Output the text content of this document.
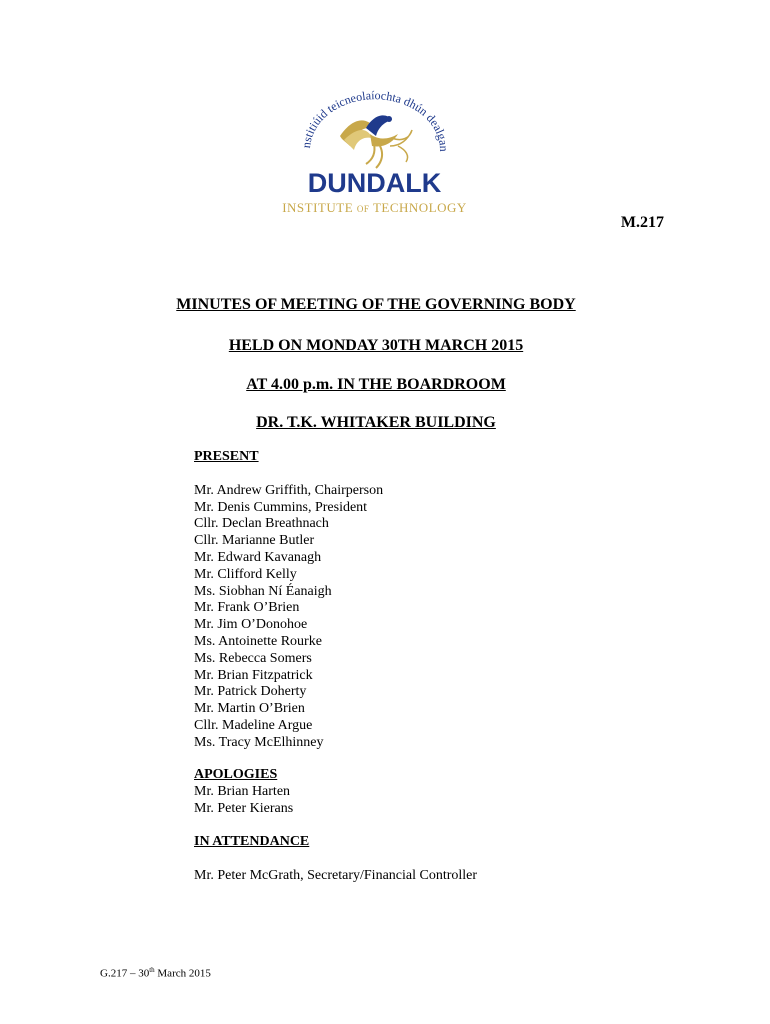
nstitiúid teicneolaíochta dhún dealgan
DUNDALK
INSTITUTE OF TECHNOLOGY
M.217
MINUTES OF MEETING OF THE GOVERNING BODY
HELD ON MONDAY 30TH MARCH 2015
AT 4.00 p.m. IN THE BOARDROOM
DR. T.K. WHITAKER BUILDING
PRESENT
Mr. Andrew Griffith, Chairperson
Mr. Denis Cummins, President
Cllr. Declan Breathnach
Cllr. Marianne Butler
Mr. Edward Kavanagh
Mr. Clifford Kelly
Ms. Siobhan Ní Éanaigh
Mr. Frank O’Brien
Mr. Jim O’Donohoe
Ms. Antoinette Rourke
Ms. Rebecca Somers
Mr. Brian Fitzpatrick
Mr. Patrick Doherty
Mr. Martin O’Brien
Cllr. Madeline Argue
Ms. Tracy McElhinney
APOLOGIES
Mr. Brian Harten
Mr. Peter Kierans
IN ATTENDANCE
Mr. Peter McGrath, Secretary/Financial Controller
G.217 – 30th March 2015
